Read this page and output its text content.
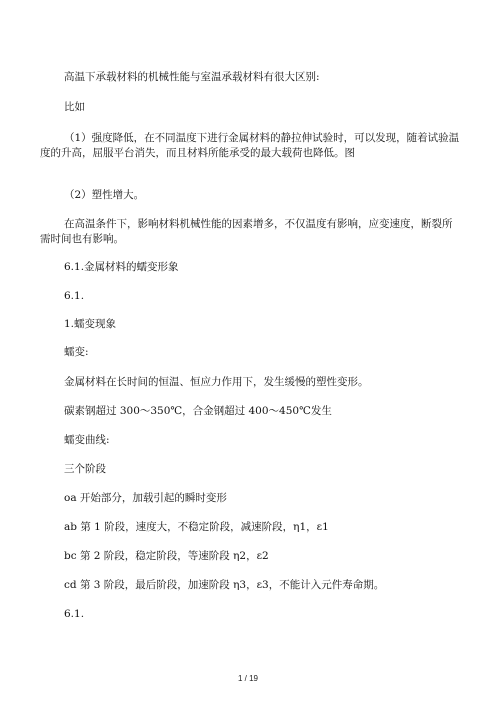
高温下承载材料的机械性能与室温承载材料有很大区别:
比如
（1）强度降低，在不同温度下进行金属材料的静拉伸试验时，可以发现，随着试验温度的升高，屈服平台消失，而且材料所能承受的最大载荷也降低。图
（2）塑性增大。
在高温条件下，影响材料机械性能的因素增多，不仅温度有影响，应变速度，断裂所需时间也有影响。
6.1.金属材料的蠕变形象
6.1.
1.蠕变现象
蠕变:
金属材料在长时间的恒温、恒应力作用下，发生缓慢的塑性变形。
碳素钢超过 300～350℃，合金钢超过 400～450℃发生
蠕变曲线:
三个阶段
oa 开始部分，加载引起的瞬时变形
ab 第 1 阶段，速度大，不稳定阶段，减速阶段，η1，ε1
bc 第 2 阶段，稳定阶段，等速阶段 η2，ε2
cd 第 3 阶段，最后阶段，加速阶段 η3，ε3，不能计入元件寿命期。
6.1.
1 / 19
